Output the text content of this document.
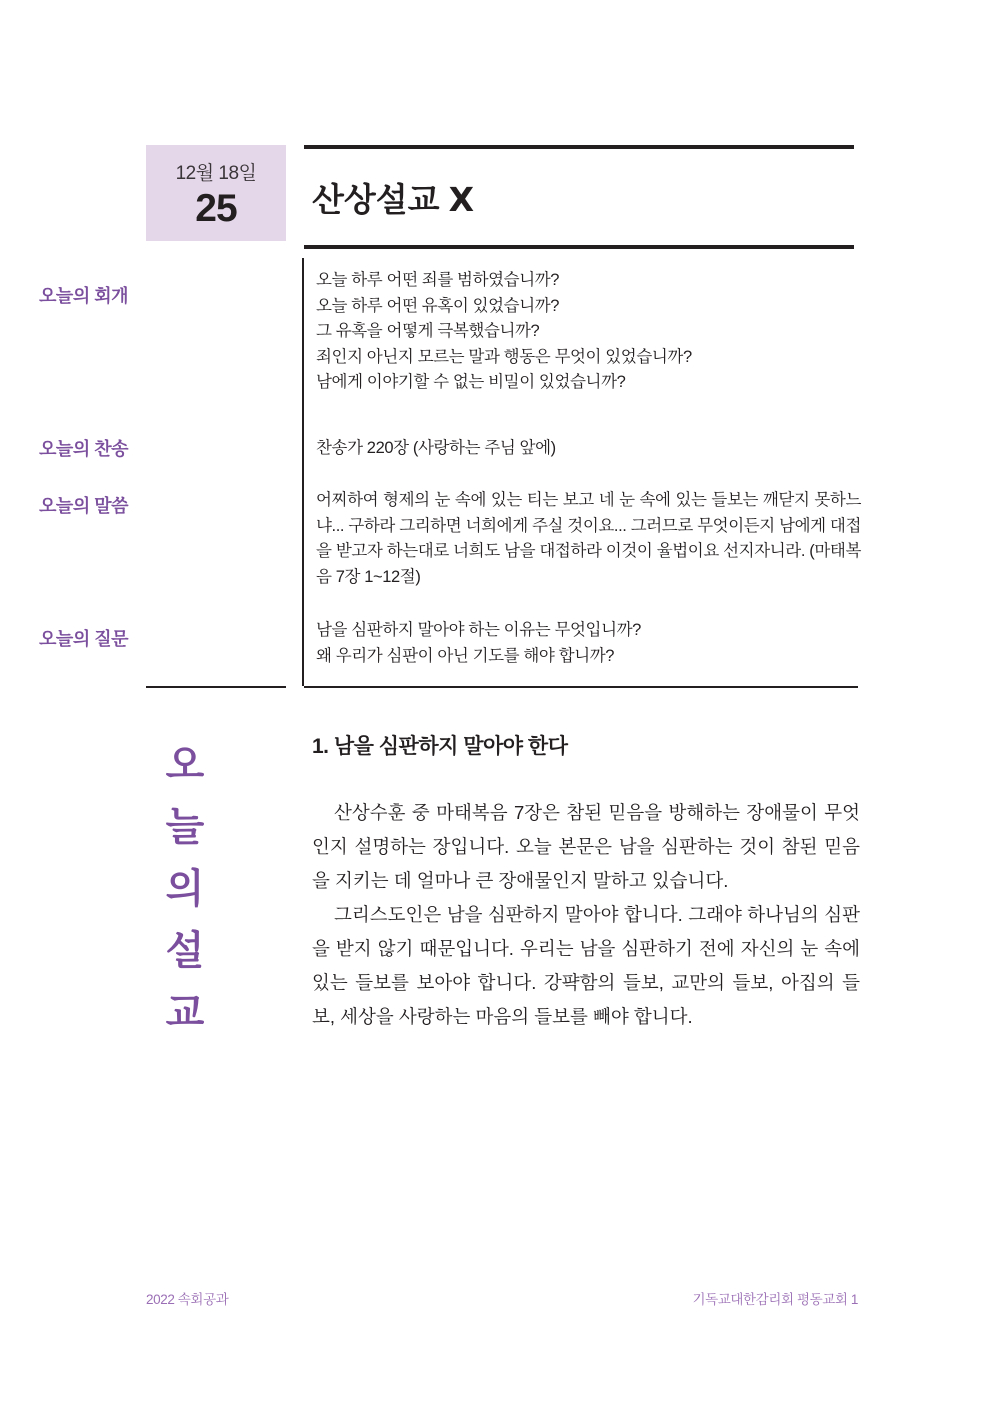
12월 18일
25 산상설교 Ⅹ
오늘의 회개
오늘 하루 어떤 죄를 범하였습니까?
오늘 하루 어떤 유혹이 있었습니까?
그 유혹을 어떻게 극복했습니까?
죄인지 아닌지 모르는 말과 행동은 무엇이 있었습니까?
남에게 이야기할 수 없는 비밀이 있었습니까?
오늘의 찬송	찬송가 220장 (사랑하는 주님 앞에)
오늘의 말씀	어찌하여 형제의 눈 속에 있는 티는 보고 네 눈 속에 있는 들보는 깨닫지 못하느냐... 구하라 그리하면 너희에게 주실 것이요... 그러므로 무엇이든지 남에게 대접을 받고자 하는대로 너희도 남을 대접하라 이것이 율법이요 선지자니라. (마태복음 7장 1~12절)
오늘의 질문	남을 심판하지 말아야 하는 이유는 무엇입니까?
왜 우리가 심판이 아닌 기도를 해야 합니까?
오
늘
의
설
교
1. 남을 심판하지 말아야 한다

산상수훈 중 마태복음 7장은 참된 믿음을 방해하는 장애물이 무엇인지 설명하는 장입니다. 오늘 본문은 남을 심판하는 것이 참된 믿음을 지키는 데 얼마나 큰 장애물인지 말하고 있습니다.

그리스도인은 남을 심판하지 말아야 합니다. 그래야 하나님의 심판을 받지 않기 때문입니다. 우리는 남을 심판하기 전에 자신의 눈 속에 있는 들보를 보아야 합니다. 강퍅함의 들보, 교만의 들보, 아집의 들보, 세상을 사랑하는 마음의 들보를 빼야 합니다.

2022 속회공과	기독교대한감리회 평동교회 1
